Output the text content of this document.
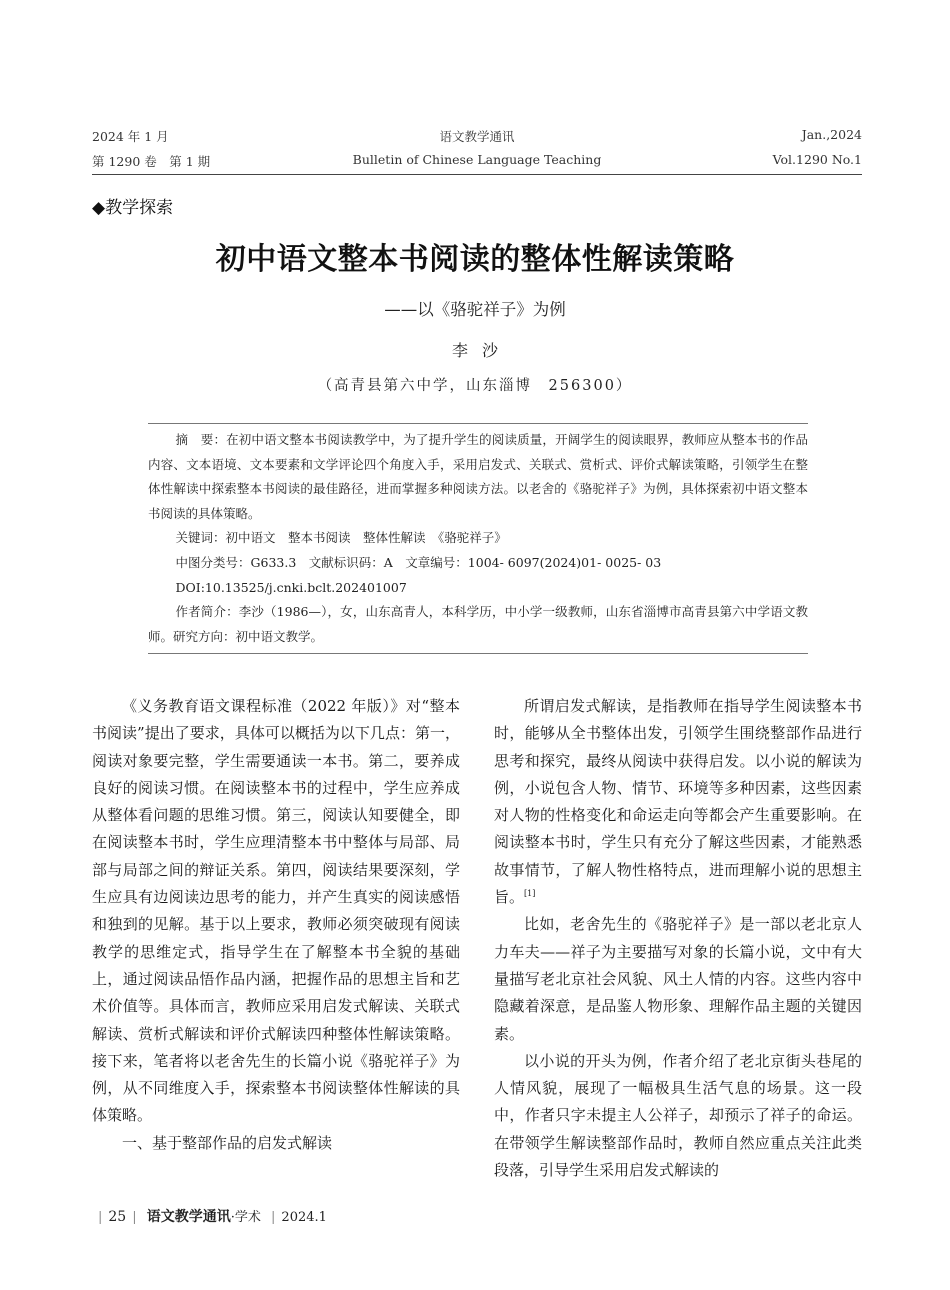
2024 年 1 月	语文教学通讯	Jan.,2024
第 1290 卷　第 1 期	Bulletin of Chinese Language Teaching	Vol.1290 No.1
◆教学探索
初中语文整本书阅读的整体性解读策略
——以《骆驼祥子》为例
李沙
（高青县第六中学，山东淄博　256300）

摘　要：在初中语文整本书阅读教学中，为了提升学生的阅读质量，开阔学生的阅读眼界，教师应从整本书的作品内容、文本语境、文本要素和文学评论四个角度入手，采用启发式、关联式、赏析式、评价式解读策略，引领学生在整体性解读中探索整本书阅读的最佳路径，进而掌握多种阅读方法。以老舍的《骆驼祥子》为例，具体探索初中语文整本书阅读的具体策略。

关键词：初中语文　整本书阅读　整体性解读　《骆驼祥子》

中图分类号：G633.3　文献标识码：A　文章编号：1004- 6097(2024)01- 0025- 03

DOI:10.13525/j.cnki.bclt.202401007

作者简介：李沙（1986—），女，山东高青人，本科学历，中小学一级教师，山东省淄博市高青县第六中学语文教师。研究方向：初中语文教学。

《义务教育语文课程标准（2022 年版）》对“整本书阅读”提出了要求，具体可以概括为以下几点：第一，阅读对象要完整，学生需要通读一本书。第二，要养成良好的阅读习惯。在阅读整本书的过程中，学生应养成从整体看问题的思维习惯。第三，阅读认知要健全，即在阅读整本书时，学生应理清整本书中整体与局部、局部与局部之间的辩证关系。第四，阅读结果要深刻，学生应具有边阅读边思考的能力，并产生真实的阅读感悟和独到的见解。基于以上要求，教师必须突破现有阅读教学的思维定式，指导学生在了解整本书全貌的基础上，通过阅读品悟作品内涵，把握作品的思想主旨和艺术价值等。具体而言，教师应采用启发式解读、关联式解读、赏析式解读和评价式解读四种整体性解读策略。接下来，笔者将以老舍先生的长篇小说《骆驼祥子》为例，从不同维度入手，探索整本书阅读整体性解读的具体策略。

一、基于整部作品的启发式解读

所谓启发式解读，是指教师在指导学生阅读整本书时，能够从全书整体出发，引领学生围绕整部作品进行思考和探究，最终从阅读中获得启发。以小说的解读为例，小说包含人物、情节、环境等多种因素，这些因素对人物的性格变化和命运走向等都会产生重要影响。在阅读整本书时，学生只有充分了解这些因素，才能熟悉故事情节，了解人物性格特点，进而理解小说的思想主旨。[1]

比如，老舍先生的《骆驼祥子》是一部以老北京人力车夫——祥子为主要描写对象的长篇小说，文中有大量描写老北京社会风貌、风土人情的内容。这些内容中隐藏着深意，是品鉴人物形象、理解作品主题的关键因素。

以小说的开头为例，作者介绍了老北京街头巷尾的人情风貌，展现了一幅极具生活气息的场景。这一段中，作者只字未提主人公祥子，却预示了祥子的命运。在带领学生解读整部作品时，教师自然应重点关注此类段落，引导学生采用启发式解读的

| 25 | 语文教学通讯·学术 | 2024.1
